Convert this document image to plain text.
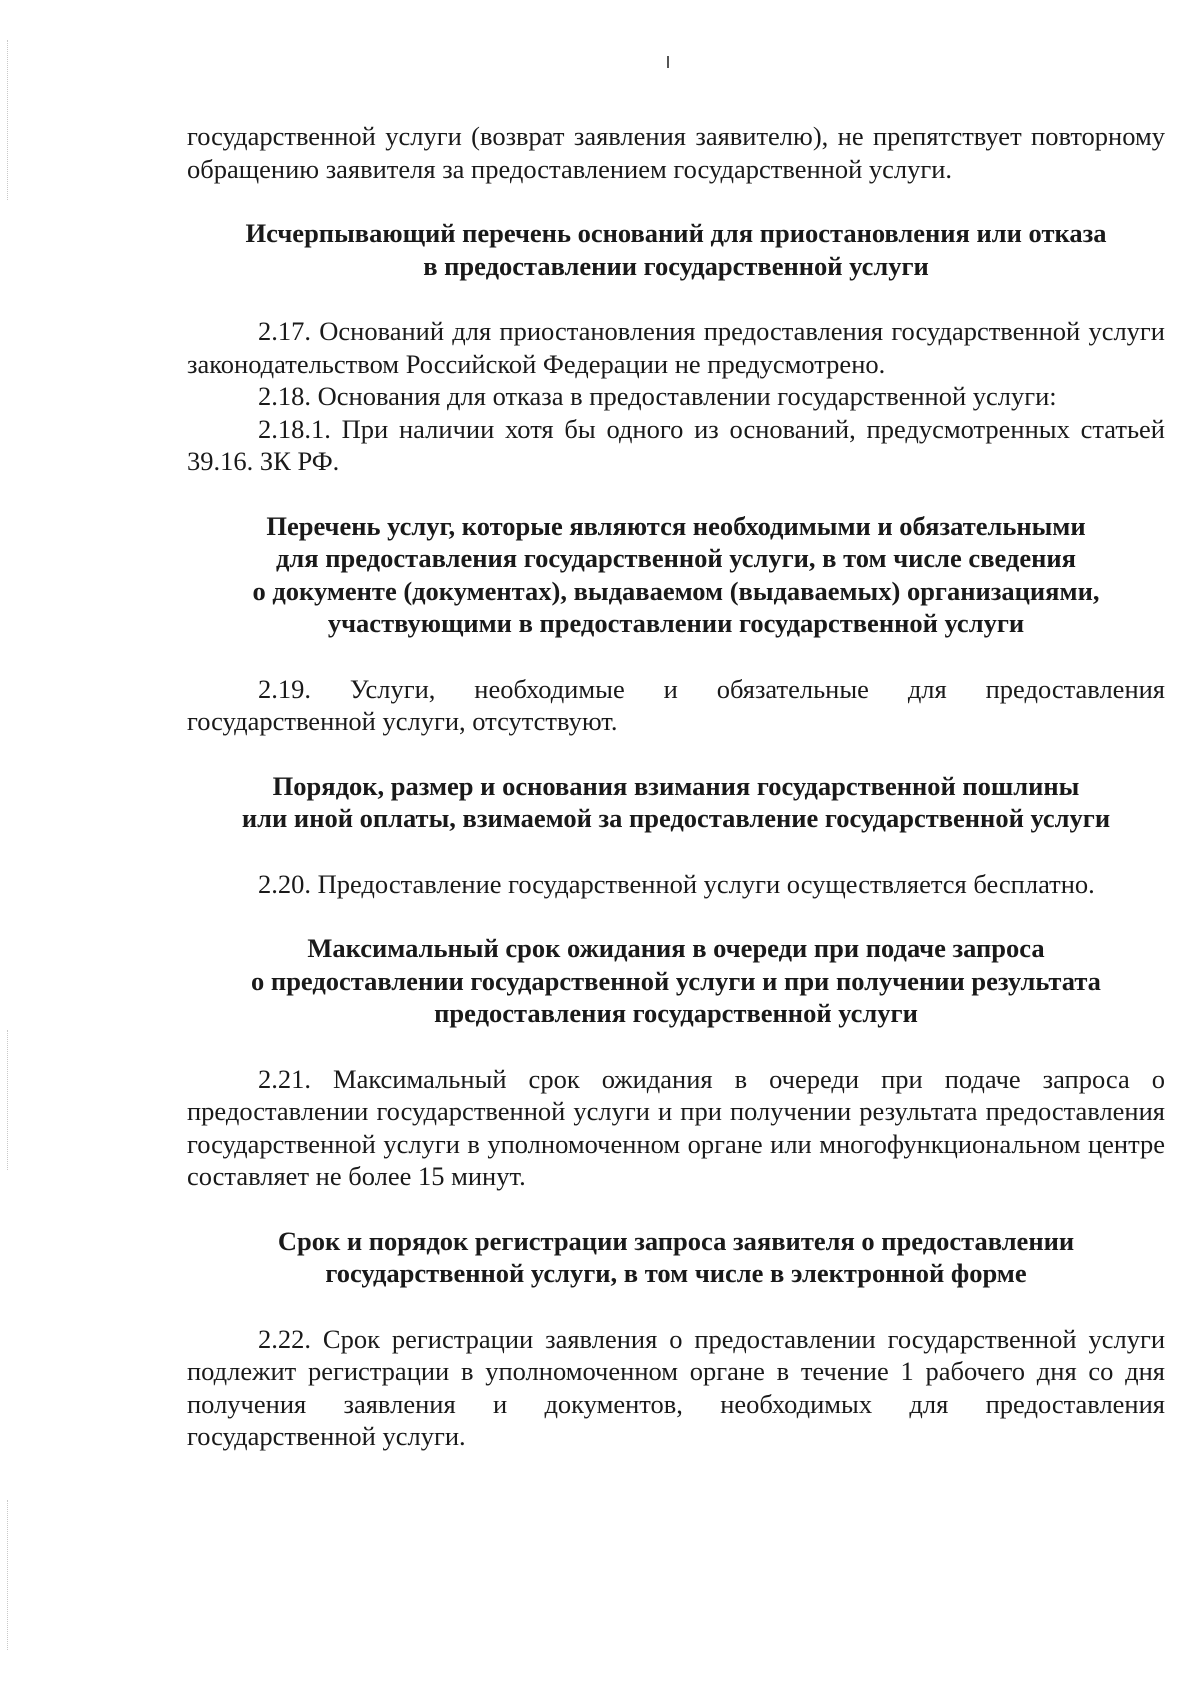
государственной услуги (возврат заявления заявителю), не препятствует повторному обращению заявителя за предоставлением государственной услуги.

Исчерпывающий перечень оснований для приостановления или отказа
в предоставлении государственной услуги

2.17. Оснований для приостановления предоставления государственной услуги законодательством Российской Федерации не предусмотрено.

2.18. Основания для отказа в предоставлении государственной услуги:

2.18.1. При наличии хотя бы одного из оснований, предусмотренных статьей 39.16. ЗК РФ.

Перечень услуг, которые являются необходимыми и обязательными
для предоставления государственной услуги, в том числе сведения
о документе (документах), выдаваемом (выдаваемых) организациями,
участвующими в предоставлении государственной услуги

2.19. Услуги, необходимые и обязательные для предоставления государственной услуги, отсутствуют.

Порядок, размер и основания взимания государственной пошлины
или иной оплаты, взимаемой за предоставление государственной услуги

2.20. Предоставление государственной услуги осуществляется бесплатно.

Максимальный срок ожидания в очереди при подаче запроса
о предоставлении государственной услуги и при получении результата
предоставления государственной услуги

2.21. Максимальный срок ожидания в очереди при подаче запроса о предоставлении государственной услуги и при получении результата предоставления государственной услуги в уполномоченном органе или многофункциональном центре составляет не более 15 минут.

Срок и порядок регистрации запроса заявителя о предоставлении
государственной услуги, в том числе в электронной форме

2.22. Срок регистрации заявления о предоставлении государственной услуги подлежит регистрации в уполномоченном органе в течение 1 рабочего дня со дня получения заявления и документов, необходимых для предоставления государственной услуги.
